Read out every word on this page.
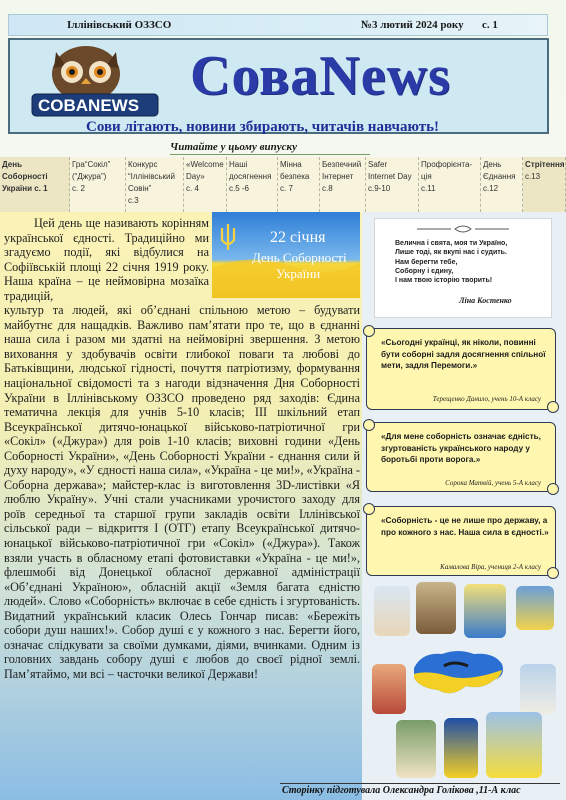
Іллінівський ОЗЗСО	№3 лютий 2024 року с. 1
COBANEWS СоваNews
Сови літають, новини збирають, читачів навчають!
Читайте у цьому випуску
День Соборності України с. 1
Гра“Сокіл” (“Джура”)
с. 2
Конкурс “Іллінівський Совін”
с.3
«Welcome Day»
с. 4
Наші досягнення
с.5 -6
Мінна безпека
с. 7
Безпечний Інтернет
с.8
Safer Internet Day
с.9-10
Профорієнта-ція
с.11
День Єднання
с.12
Стрітення
с.13

Цей день ще називають корінням української єдності. Традиційно ми згадуємо події, які відбулися на Софіївській площі 22 січня 1919 року. Наша країна – це неймовірна мозаїка традицій,

культур та людей, які об’єднані спільною метою – будувати майбутнє для нащадків. Важливо пам’ятати про те, що в єднанні наша сила і разом ми здатні на неймовірні звершення. З метою виховання у здобувачів освіти глибокої поваги та любові до Батьківщини, людської гідності, почуття патріотизму, формування національної свідомості та з нагоди відзначення Дня Соборності України в Іллінівському ОЗЗСО проведено ряд заходів: Єдина тематична лекція для учнів 5-10 класів; ІІІ шкільний етап Всеукраїнської дитячо-юнацької військово-патріотичної гри «Сокіл» («Джура») для роів 1-10 класів; виховні години «День Соборності України», «День Соборності України - єднання сили й духу народу», «У єдності наша сила», «Україна - це ми!», «Україна - Соборна держава»; майстер-клас із виготовлення 3D-листівки «Я люблю Україну». Учні стали учасниками урочистого заходу для роїв середньої та старшої групи закладів освіти Іллінівської сільської ради – відкриття І (ОТГ) етапу Всеукраїнської дитячо-юнацької військово-патріотичної гри «Сокіл» («Джура»). Також взяли участь в обласному етапі фотовиставки «Україна - це ми!», флешмобі від Донецької обласної державної адміністрації «Об’єднані Україною», обласній акції «Земля багата єдністю людей». Слово «Соборність» включає в себе єдність і згуртованість. Видатний український класик Олесь Гончар писав: «Бережіть собори душ наших!». Собор душі є у кожного з нас. Берегти його, означає слідкувати за своїми думками, діями, вчинками. Одним із головних завдань собору душі є любов до своєї рідної землі. Пам’ятаймо, ми всі – часточки великої Держави!

22 січня
День Соборності
України
Велична і свята, моя ти Україно,
Лише тоді, як вкупі нас і судить.
Нам берегти тебе,
Соборну і єдину,
І нам твою історію творить!
Ліна Костенко
«Сьогодні українці, як ніколи, повинні бути соборні задля досягнення спільної мети, задля Перемоги.»
Терещенко Данило, учень 10-А класу
«Для мене соборність означає єдність, згуртованість українського народу у боротьбі проти ворога.»
Сорока Матвій, учень 5-А класу
«Соборність - це не лише про державу, а про кожного з нас. Наша сила в єдності.»
Камалова Віра, учениця 2-А класу
Сторінку підготувала Олександра Голікова ,11-А клас
